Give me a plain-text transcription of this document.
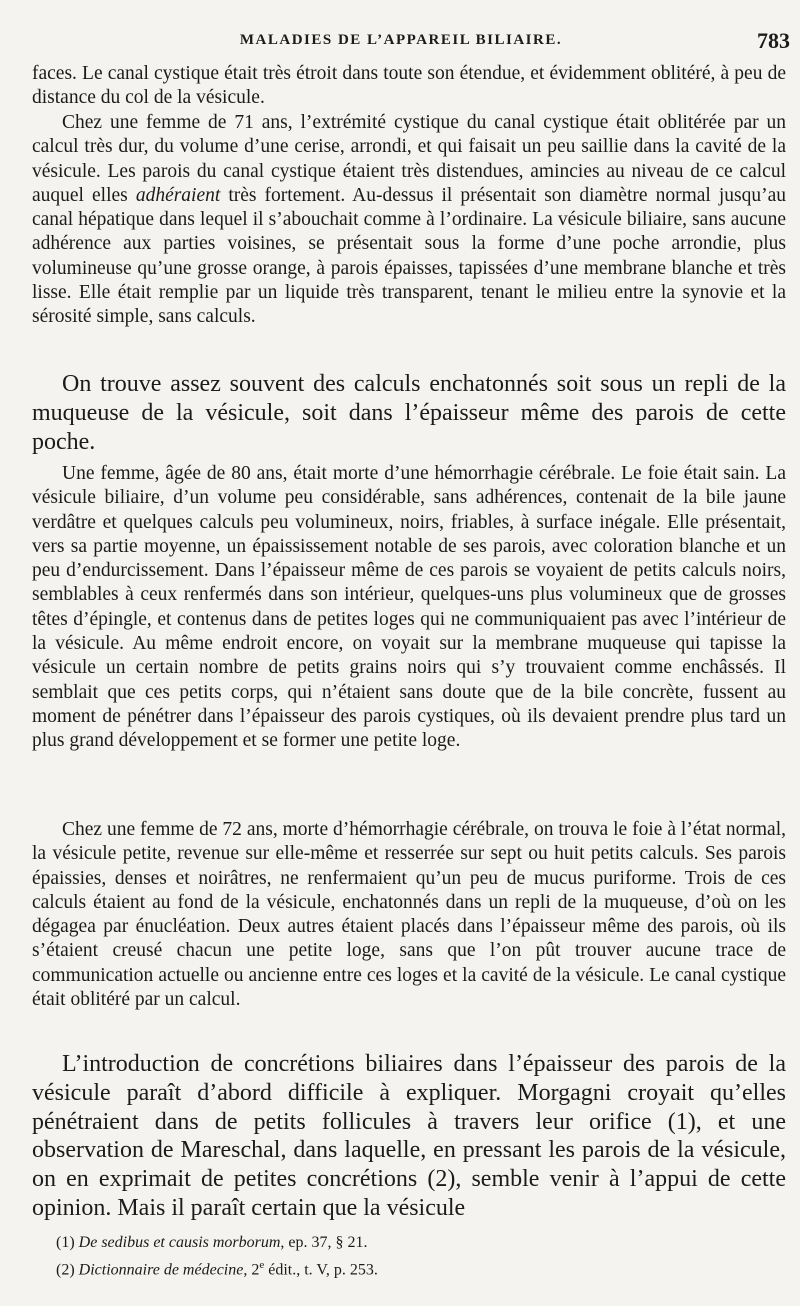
MALADIES DE L’APPAREIL BILIAIRE.	783
faces. Le canal cystique était très étroit dans toute son étendue, et évidemment oblitéré, à peu de distance du col de la vésicule.
Chez une femme de 71 ans, l’extrémité cystique du canal cystique était oblitérée par un calcul très dur, du volume d’une cerise, arrondi, et qui faisait un peu saillie dans la cavité de la vésicule. Les parois du canal cystique étaient très distendues, amincies au niveau de ce calcul auquel elles adhéraient très fortement. Au-dessus il présentait son diamètre normal jusqu’au canal hépatique dans lequel il s’abouchait comme à l’ordinaire. La vésicule biliaire, sans aucune adhérence aux parties voisines, se présentait sous la forme d’une poche arrondie, plus volumineuse qu’une grosse orange, à parois épaisses, tapissées d’une membrane blanche et très lisse. Elle était remplie par un liquide très transparent, tenant le milieu entre la synovie et la sérosité simple, sans calculs.
On trouve assez souvent des calculs enchatonnés soit sous un repli de la muqueuse de la vésicule, soit dans l’épaisseur même des parois de cette poche.
Une femme, âgée de 80 ans, était morte d’une hémorrhagie cérébrale. Le foie était sain. La vésicule biliaire, d’un volume peu considérable, sans adhérences, contenait de la bile jaune verdâtre et quelques calculs peu volumineux, noirs, friables, à surface inégale. Elle présentait, vers sa partie moyenne, un épaississement notable de ses parois, avec coloration blanche et un peu d’endurcissement. Dans l’épaisseur même de ces parois se voyaient de petits calculs noirs, semblables à ceux renfermés dans son intérieur, quelques-uns plus volumineux que de grosses têtes d’épingle, et contenus dans de petites loges qui ne communiquaient pas avec l’intérieur de la vésicule. Au même endroit encore, on voyait sur la membrane muqueuse qui tapisse la vésicule un certain nombre de petits grains noirs qui s’y trouvaient comme enchâssés. Il semblait que ces petits corps, qui n’étaient sans doute que de la bile concrète, fussent au moment de pénétrer dans l’épaisseur des parois cystiques, où ils devaient prendre plus tard un plus grand développement et se former une petite loge.
Chez une femme de 72 ans, morte d’hémorrhagie cérébrale, on trouva le foie à l’état normal, la vésicule petite, revenue sur elle-même et resserrée sur sept ou huit petits calculs. Ses parois épaissies, denses et noirâtres, ne renfermaient qu’un peu de mucus puriforme. Trois de ces calculs étaient au fond de la vésicule, enchatonnés dans un repli de la muqueuse, d’où on les dégagea par énucléation. Deux autres étaient placés dans l’épaisseur même des parois, où ils s’étaient creusé chacun une petite loge, sans que l’on pût trouver aucune trace de communication actuelle ou ancienne entre ces loges et la cavité de la vésicule. Le canal cystique était oblitéré par un calcul.
L’introduction de concrétions biliaires dans l’épaisseur des parois de la vésicule paraît d’abord difficile à expliquer. Morgagni croyait qu’elles pénétraient dans de petits follicules à travers leur orifice (1), et une observation de Mareschal, dans laquelle, en pressant les parois de la vésicule, on en exprimait de petites concrétions (2), semble venir à l’appui de cette opinion. Mais il paraît certain que la vésicule
(1) De sedibus et causis morborum, ep. 37, § 21.
(2) Dictionnaire de médecine, 2e édit., t. V, p. 253.
